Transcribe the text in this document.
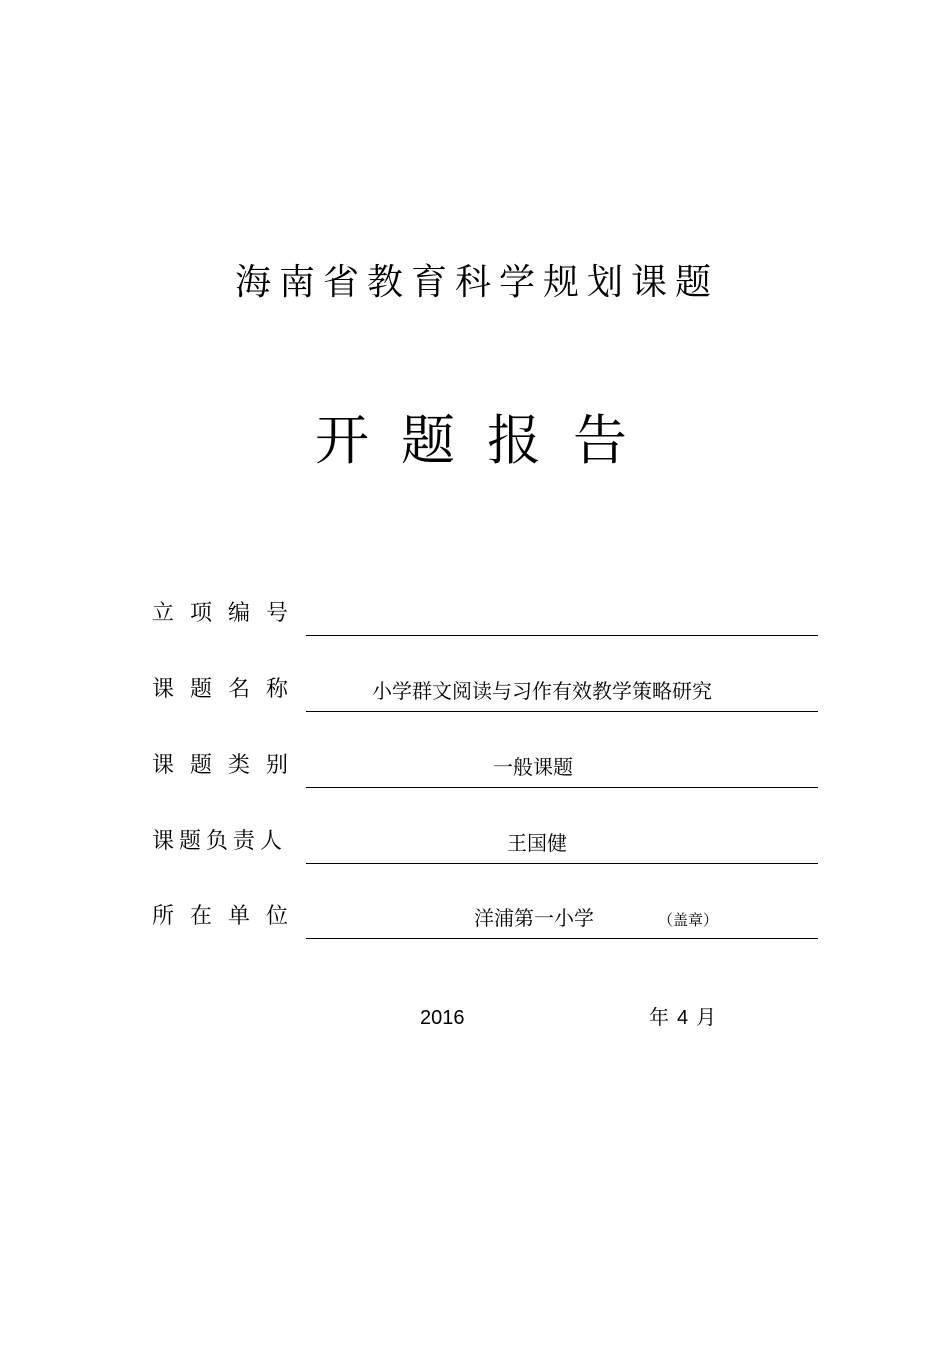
海南省教育科学规划课题
开题报告
立项编号
课题名称	小学群文阅读与习作有效教学策略研究
课题类别	一般课题
课题负责人	王国健
所在单位	洋浦第一小学	（盖章）
2016	年 4 月
